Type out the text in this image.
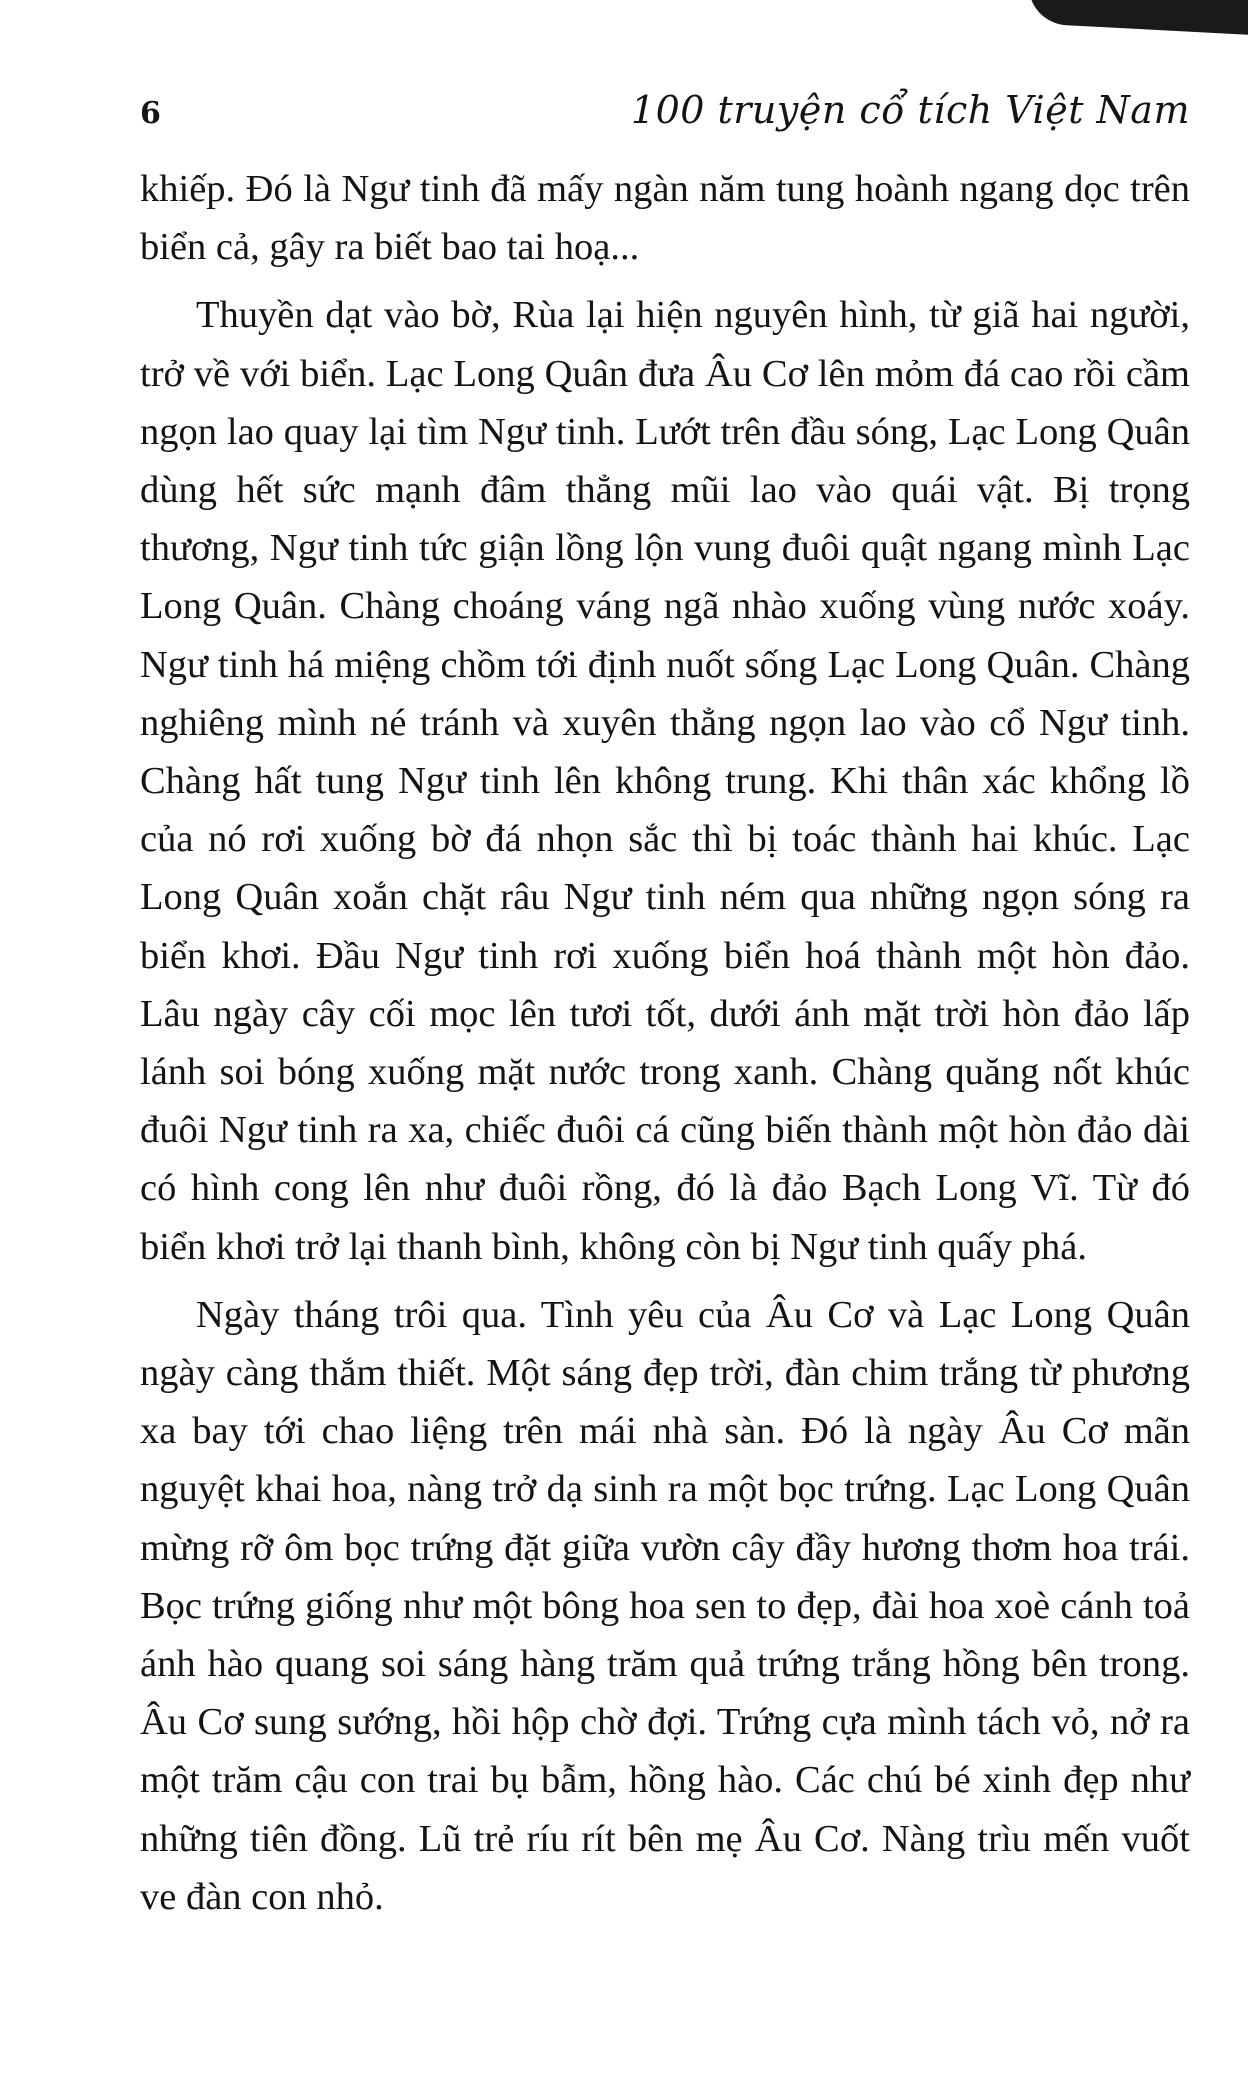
6	100 truyện cổ tích Việt Nam

khiếp. Đó là Ngư tinh đã mấy ngàn năm tung hoành ngang dọc trên biển cả, gây ra biết bao tai hoạ...

Thuyền dạt vào bờ, Rùa lại hiện nguyên hình, từ giã hai người, trở về với biển. Lạc Long Quân đưa Âu Cơ lên mỏm đá cao rồi cầm ngọn lao quay lại tìm Ngư tinh. Lướt trên đầu sóng, Lạc Long Quân dùng hết sức mạnh đâm thẳng mũi lao vào quái vật. Bị trọng thương, Ngư tinh tức giận lồng lộn vung đuôi quật ngang mình Lạc Long Quân. Chàng choáng váng ngã nhào xuống vùng nước xoáy. Ngư tinh há miệng chồm tới định nuốt sống Lạc Long Quân. Chàng nghiêng mình né tránh và xuyên thẳng ngọn lao vào cổ Ngư tinh. Chàng hất tung Ngư tinh lên không trung. Khi thân xác khổng lồ của nó rơi xuống bờ đá nhọn sắc thì bị toác thành hai khúc. Lạc Long Quân xoắn chặt râu Ngư tinh ném qua những ngọn sóng ra biển khơi. Đầu Ngư tinh rơi xuống biển hoá thành một hòn đảo. Lâu ngày cây cối mọc lên tươi tốt, dưới ánh mặt trời hòn đảo lấp lánh soi bóng xuống mặt nước trong xanh. Chàng quăng nốt khúc đuôi Ngư tinh ra xa, chiếc đuôi cá cũng biến thành một hòn đảo dài có hình cong lên như đuôi rồng, đó là đảo Bạch Long Vĩ. Từ đó biển khơi trở lại thanh bình, không còn bị Ngư tinh quấy phá.

Ngày tháng trôi qua. Tình yêu của Âu Cơ và Lạc Long Quân ngày càng thắm thiết. Một sáng đẹp trời, đàn chim trắng từ phương xa bay tới chao liệng trên mái nhà sàn. Đó là ngày Âu Cơ mãn nguyệt khai hoa, nàng trở dạ sinh ra một bọc trứng. Lạc Long Quân mừng rỡ ôm bọc trứng đặt giữa vườn cây đầy hương thơm hoa trái. Bọc trứng giống như một bông hoa sen to đẹp, đài hoa xoè cánh toả ánh hào quang soi sáng hàng trăm quả trứng trắng hồng bên trong. Âu Cơ sung sướng, hồi hộp chờ đợi. Trứng cựa mình tách vỏ, nở ra một trăm cậu con trai bụ bẫm, hồng hào. Các chú bé xinh đẹp như những tiên đồng. Lũ trẻ ríu rít bên mẹ Âu Cơ. Nàng trìu mến vuốt ve đàn con nhỏ.
